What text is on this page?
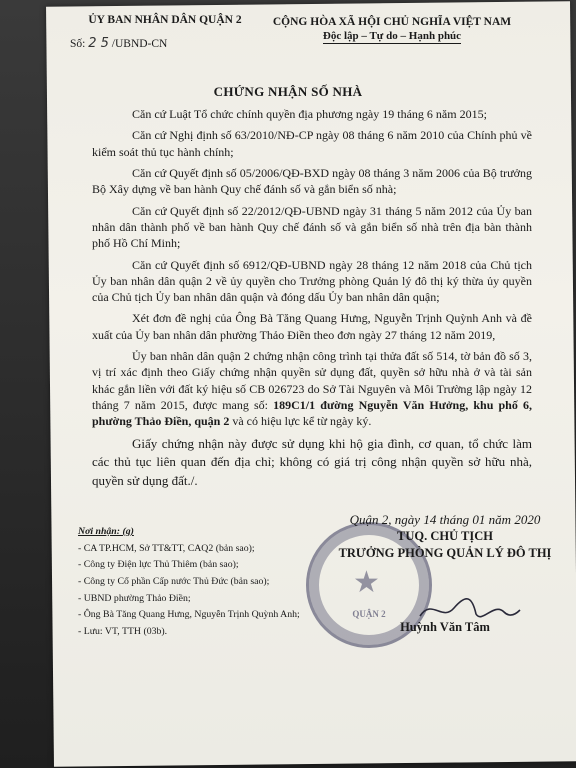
ỦY BAN NHÂN DÂN QUẬN 2
Số: 2 5 /UBND-CN
CỘNG HÒA XÃ HỘI CHỦ NGHĨA VIỆT NAM
Độc lập – Tự do – Hạnh phúc
CHỨNG NHẬN SỐ NHÀ

Căn cứ Luật Tổ chức chính quyền địa phương ngày 19 tháng 6 năm 2015;

Căn cứ Nghị định số 63/2010/NĐ-CP ngày 08 tháng 6 năm 2010 của Chính phủ về kiểm soát thủ tục hành chính;

Căn cứ Quyết định số 05/2006/QĐ-BXD ngày 08 tháng 3 năm 2006 của Bộ trưởng Bộ Xây dựng về ban hành Quy chế đánh số và gắn biển số nhà;

Căn cứ Quyết định số 22/2012/QĐ-UBND ngày 31 tháng 5 năm 2012 của Ủy ban nhân dân thành phố về ban hành Quy chế đánh số và gắn biển số nhà trên địa bàn thành phố Hồ Chí Minh;

Căn cứ Quyết định số 6912/QĐ-UBND ngày 28 tháng 12 năm 2018 của Chủ tịch Ủy ban nhân dân quận 2 về ủy quyền cho Trưởng phòng Quản lý đô thị ký thừa ủy quyền của Chủ tịch Ủy ban nhân dân quận và đóng dấu Ủy ban nhân dân quận;

Xét đơn đề nghị của Ông Bà Tăng Quang Hưng, Nguyễn Trịnh Quỳnh Anh và đề xuất của Ủy ban nhân dân phường Thảo Điền theo đơn ngày 27 tháng 12 năm 2019,

Ủy ban nhân dân quận 2 chứng nhận công trình tại thửa đất số 514, tờ bản đồ số 3, vị trí xác định theo Giấy chứng nhận quyền sử dụng đất, quyền sở hữu nhà ở và tài sản khác gắn liền với đất ký hiệu số CB 026723 do Sở Tài Nguyên và Môi Trường lập ngày 12 tháng 7 năm 2015, được mang số: 189C1/1 đường Nguyễn Văn Hưởng, khu phố 6, phường Thảo Điền, quận 2 và có hiệu lực kể từ ngày ký.

Giấy chứng nhận này được sử dụng khi hộ gia đình, cơ quan, tổ chức làm các thủ tục liên quan đến địa chỉ; không có giá trị công nhận quyền sở hữu nhà, quyền sử dụng đất./.

Nơi nhận: (g)
- CA TP.HCM, Sở TT&TT, CAQ2 (bản sao);
- Công ty Điện lực Thủ Thiêm (bản sao);
- Công ty Cổ phần Cấp nước Thủ Đức (bản sao);
- UBND phường Thảo Điền;
- Ông Bà Tăng Quang Hưng, Nguyễn Trịnh Quỳnh Anh;
- Lưu: VT, TTH (03b).
★
QUẬN 2
Quận 2, ngày 14 tháng 01 năm 2020
TUQ. CHỦ TỊCH
TRƯỞNG PHÒNG QUẢN LÝ ĐÔ THỊ
Huỳnh Văn Tâm
